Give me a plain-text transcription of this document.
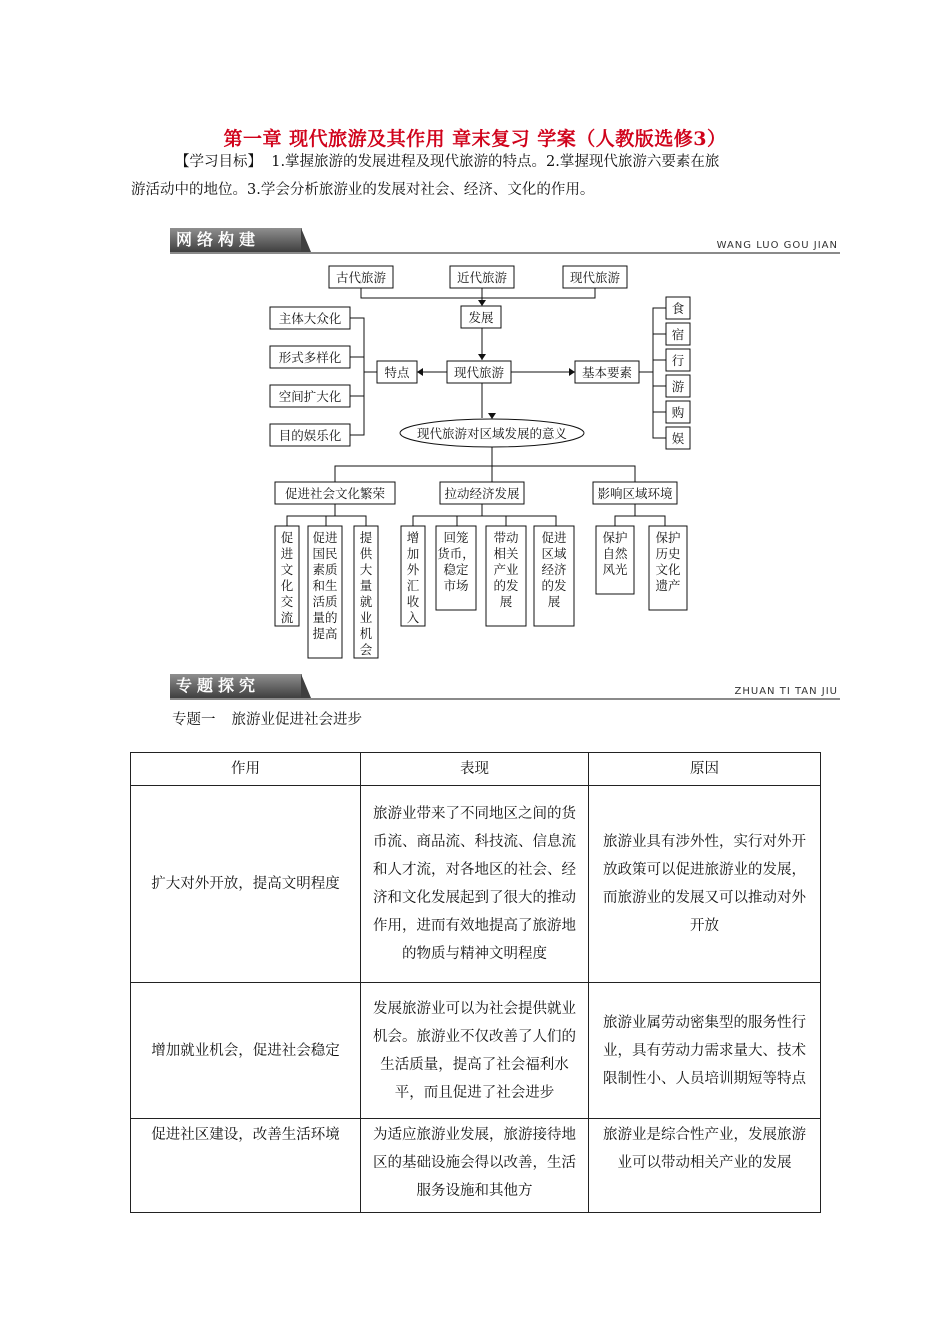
第一章 现代旅游及其作用 章末复习 学案（人教版选修3）

【学习目标】 1.掌握旅游的发展进程及现代旅游的特点。2.掌握现代旅游六要素在旅

游活动中的地位。3.学会分析旅游业的发展对社会、经济、文化的作用。

网络构建	WANG LUO GOU JIAN
古代旅游	近代旅游	现代旅游
发展
现代旅游
特点
主体大众化
形式多样化
空间扩大化
目的娱乐化
基本要素
食
宿
行
游
购
娱
现代旅游对区域发展的意义
促进社会文化繁荣	拉动经济发展	影响区域环境
促
进
文
化
交
流
促进
国民
素质
和生
活质
量的
提高
提
供
大
量
就
业
机
会
增
加
外
汇
收
入
回笼
货币，
稳定
市场
带动
相关
产业
的发
展
促进
区域
经济
的发
展
保护
自然
风光
保护
历史
文化
遗产
专题探究	ZHUAN TI TAN JIU
专题一 旅游业促进社会进步
作用	表现	原因
扩大对外开放，提高文明程度	旅游业带来了不同地区之间的货币流、商品流、科技流、信息流和人才流，对各地区的社会、经济和文化发展起到了很大的推动作用，进而有效地提高了旅游地的物质与精神文明程度	旅游业具有涉外性，实行对外开放政策可以促进旅游业的发展，而旅游业的发展又可以推动对外开放
增加就业机会，促进社会稳定	发展旅游业可以为社会提供就业机会。旅游业不仅改善了人们的生活质量，提高了社会福利水平，而且促进了社会进步	旅游业属劳动密集型的服务性行业，具有劳动力需求量大、技术限制性小、人员培训期短等特点
促进社区建设，改善生活环境	为适应旅游业发展，旅游接待地区的基础设施会得以改善，生活服务设施和其他方	旅游业是综合性产业，发展旅游业可以带动相关产业的发展
